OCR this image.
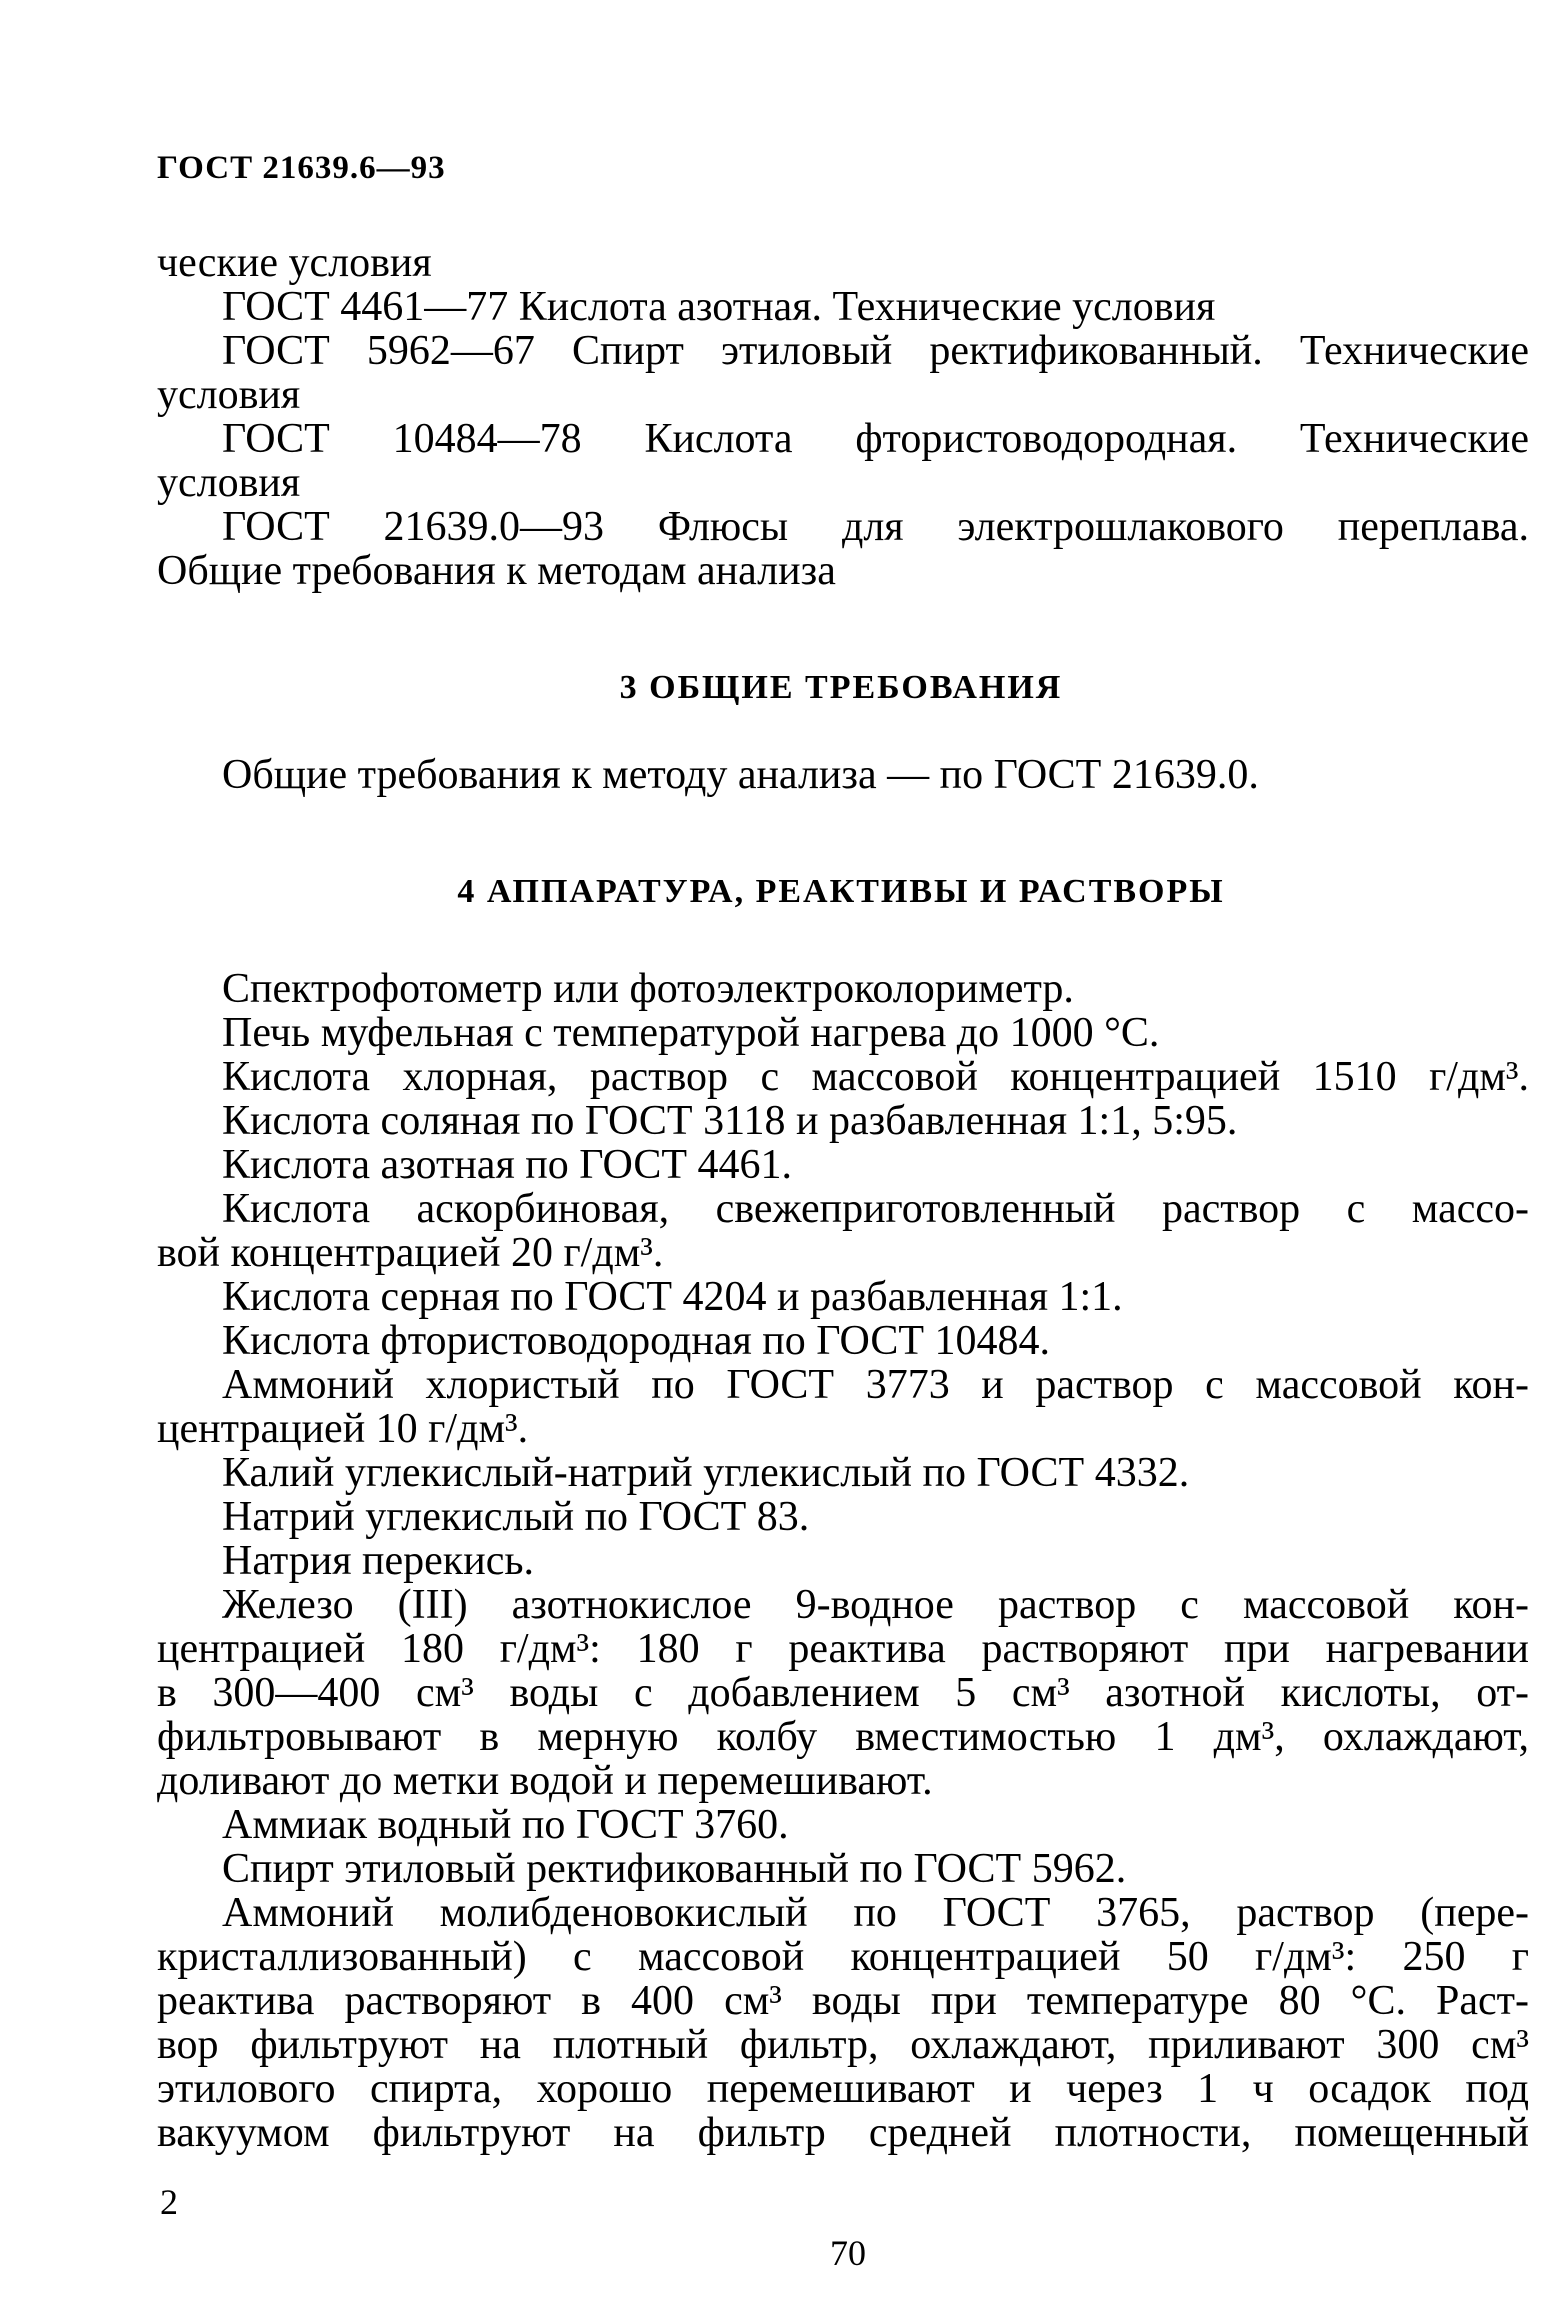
ГОСТ 21639.6—93
ческие условия
ГОСТ 4461—77 Кислота азотная. Технические условия
ГОСТ 5962—67 Спирт этиловый ректификованный. Технические
условия
ГОСТ 10484—78 Кислота фтористоводородная. Технические
условия
ГОСТ 21639.0—93 Флюсы для электрошлакового переплава.
Общие требования к методам анализа
3 ОБЩИЕ ТРЕБОВАНИЯ
Общие требования к методу анализа — по ГОСТ 21639.0.
4 АППАРАТУРА, РЕАКТИВЫ И РАСТВОРЫ
Спектрофотометр или фотоэлектроколориметр.
Печь муфельная с температурой нагрева до 1000 °С.
Кислота хлорная, раствор с массовой концентрацией 1510 г/дм³.
Кислота соляная по ГОСТ 3118 и разбавленная 1:1, 5:95.
Кислота азотная по ГОСТ 4461.
Кислота аскорбиновая, свежеприготовленный раствор с массо-
вой концентрацией 20 г/дм³.
Кислота серная по ГОСТ 4204 и разбавленная 1:1.
Кислота фтористоводородная по ГОСТ 10484.
Аммоний хлористый по ГОСТ 3773 и раствор с массовой кон-
центрацией 10 г/дм³.
Калий углекислый-натрий углекислый по ГОСТ 4332.
Натрий углекислый по ГОСТ 83.
Натрия перекись.
Железо (III) азотнокислое 9-водное раствор с массовой кон-
центрацией 180 г/дм³: 180 г реактива растворяют при нагревании
в 300—400 см³ воды с добавлением 5 см³ азотной кислоты, от-
фильтровывают в мерную колбу вместимостью 1 дм³, охлаждают,
доливают до метки водой и перемешивают.
Аммиак водный по ГОСТ 3760.
Спирт этиловый ректификованный по ГОСТ 5962.
Аммоний молибденовокислый по ГОСТ 3765, раствор (пере-
кристаллизованный) с массовой концентрацией 50 г/дм³: 250 г
реактива растворяют в 400 см³ воды при температуре 80 °С. Раст-
вор фильтруют на плотный фильтр, охлаждают, приливают 300 см³
этилового спирта, хорошо перемешивают и через 1 ч осадок под
вакуумом фильтруют на фильтр средней плотности, помещенный
2
70
